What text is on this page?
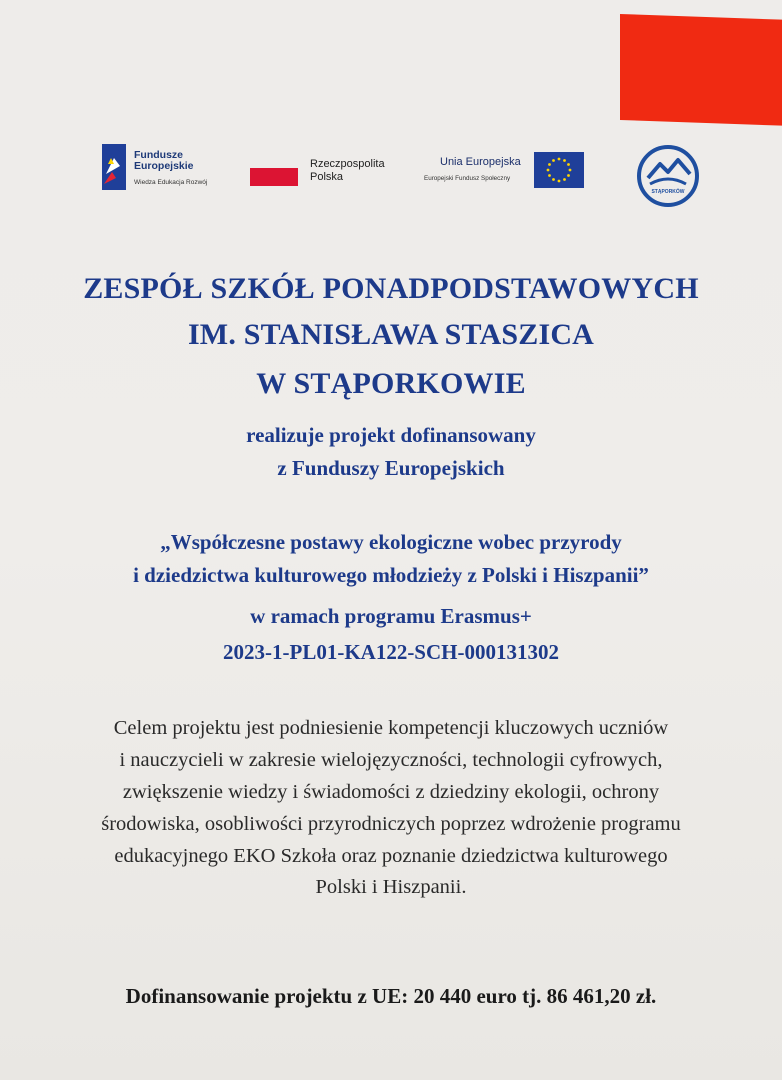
Fundusze
Europejskie
Wiedza Edukacja Rozwój
Rzeczpospolita
Polska
Unia Europejska
Europejski Fundusz Społeczny
STĄPORKÓW
ZESPÓŁ SZKÓŁ PONADPODSTAWOWYCH
IM. STANISŁAWA STASZICA
W STĄPORKOWIE
realizuje projekt dofinansowany
z Funduszy Europejskich
„Współczesne postawy ekologiczne wobec przyrody
i dziedzictwa kulturowego młodzieży z Polski i Hiszpanii”
w ramach programu Erasmus+
2023-1-PL01-KA122-SCH-000131302
Celem projektu jest podniesienie kompetencji kluczowych uczniów
i nauczycieli w zakresie wielojęzyczności, technologii cyfrowych,
zwiększenie wiedzy i świadomości z dziedziny ekologii, ochrony
środowiska, osobliwości przyrodniczych poprzez wdrożenie programu
edukacyjnego EKO Szkoła oraz poznanie dziedzictwa kulturowego
Polski i Hiszpanii.
Dofinansowanie projektu z UE: 20 440 euro tj. 86 461,20 zł.
